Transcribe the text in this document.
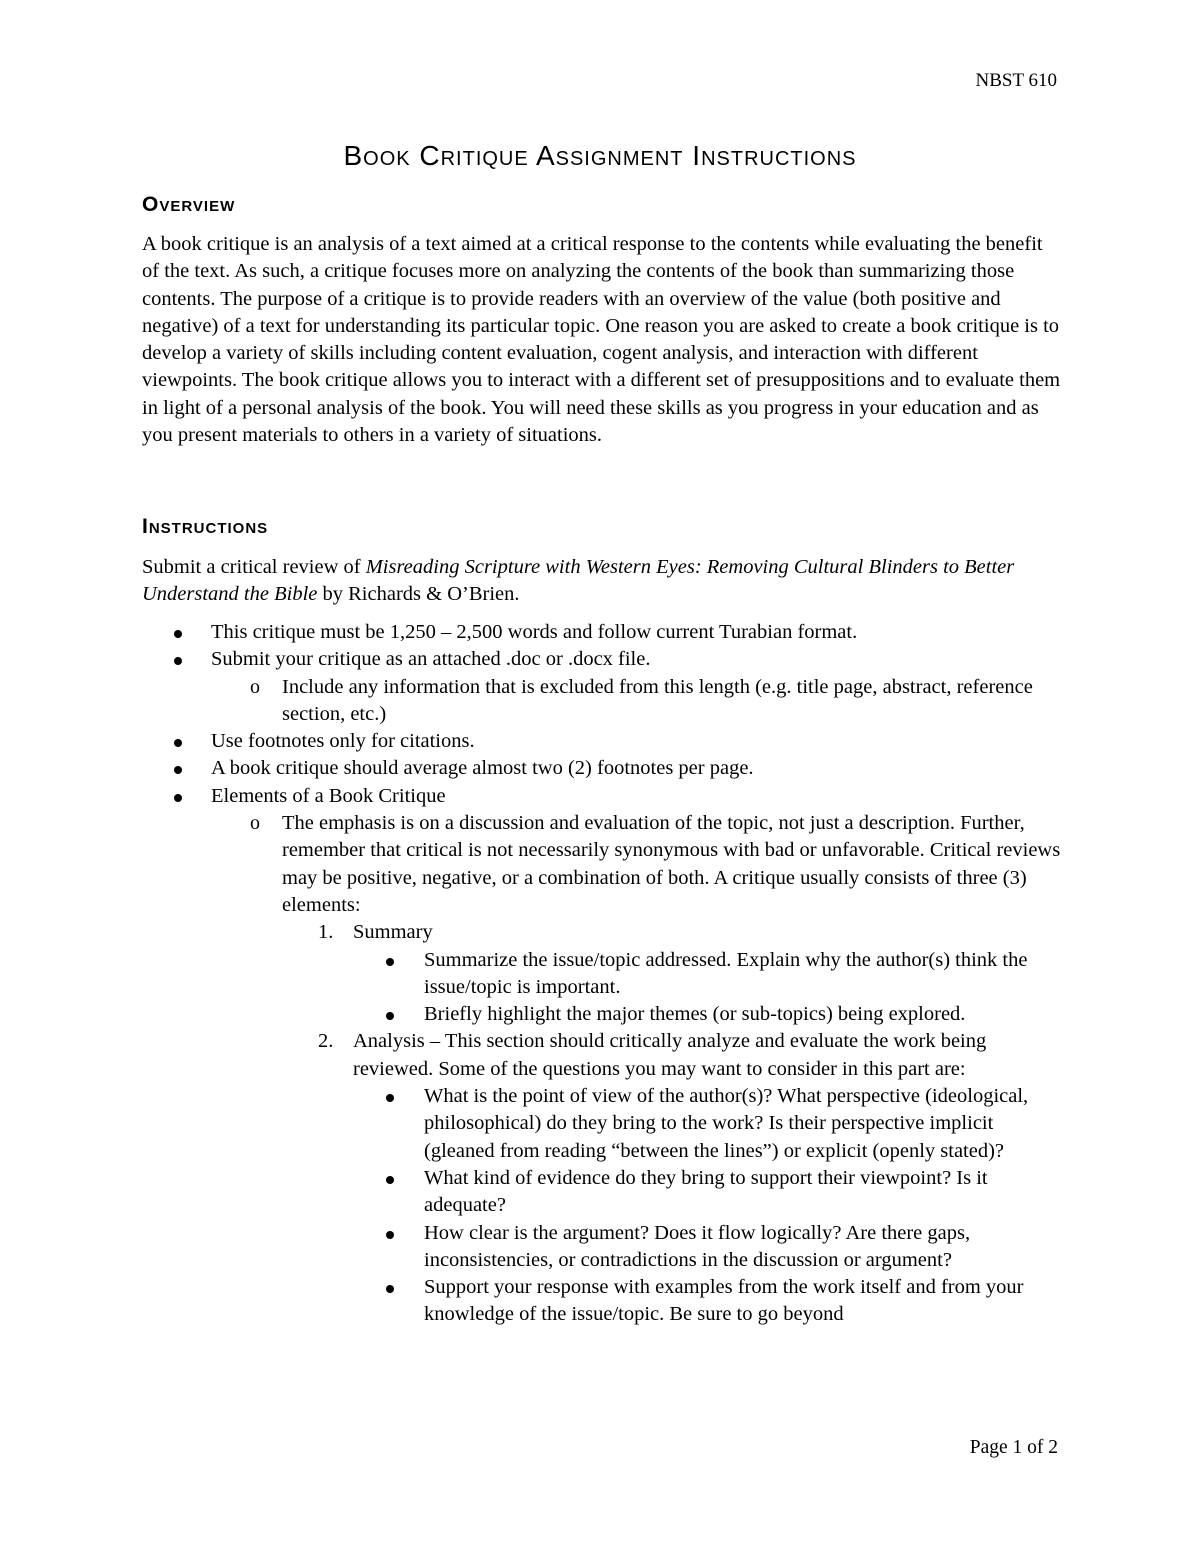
NBST 610
Book Critique Assignment Instructions
Overview

A book critique is an analysis of a text aimed at a critical response to the contents while evaluating the benefit of the text. As such, a critique focuses more on analyzing the contents of the book than summarizing those contents. The purpose of a critique is to provide readers with an overview of the value (both positive and negative) of a text for understanding its particular topic. One reason you are asked to create a book critique is to develop a variety of skills including content evaluation, cogent analysis, and interaction with different viewpoints. The book critique allows you to interact with a different set of presuppositions and to evaluate them in light of a personal analysis of the book. You will need these skills as you progress in your education and as you present materials to others in a variety of situations.

Instructions

Submit a critical review of Misreading Scripture with Western Eyes: Removing Cultural Blinders to Better Understand the Bible by Richards & O’Brien.

This critique must be 1,250 – 2,500 words and follow current Turabian format.
Submit your critique as an attached .doc or .docx file.
o Include any information that is excluded from this length (e.g. title page, abstract, reference section, etc.)
Use footnotes only for citations.
A book critique should average almost two (2) footnotes per page.
Elements of a Book Critique
o The emphasis is on a discussion and evaluation of the topic, not just a description. Further, remember that critical is not necessarily synonymous with bad or unfavorable. Critical reviews may be positive, negative, or a combination of both. A critique usually consists of three (3) elements:
1. Summary
Summarize the issue/topic addressed. Explain why the author(s) think the issue/topic is important.
Briefly highlight the major themes (or sub-topics) being explored.
2. Analysis – This section should critically analyze and evaluate the work being reviewed. Some of the questions you may want to consider in this part are:
What is the point of view of the author(s)? What perspective (ideological, philosophical) do they bring to the work? Is their perspective implicit (gleaned from reading “between the lines”) or explicit (openly stated)?
What kind of evidence do they bring to support their viewpoint? Is it adequate?
How clear is the argument? Does it flow logically? Are there gaps, inconsistencies, or contradictions in the discussion or argument?
Support your response with examples from the work itself and from your knowledge of the issue/topic. Be sure to go beyond
Page 1 of 2
